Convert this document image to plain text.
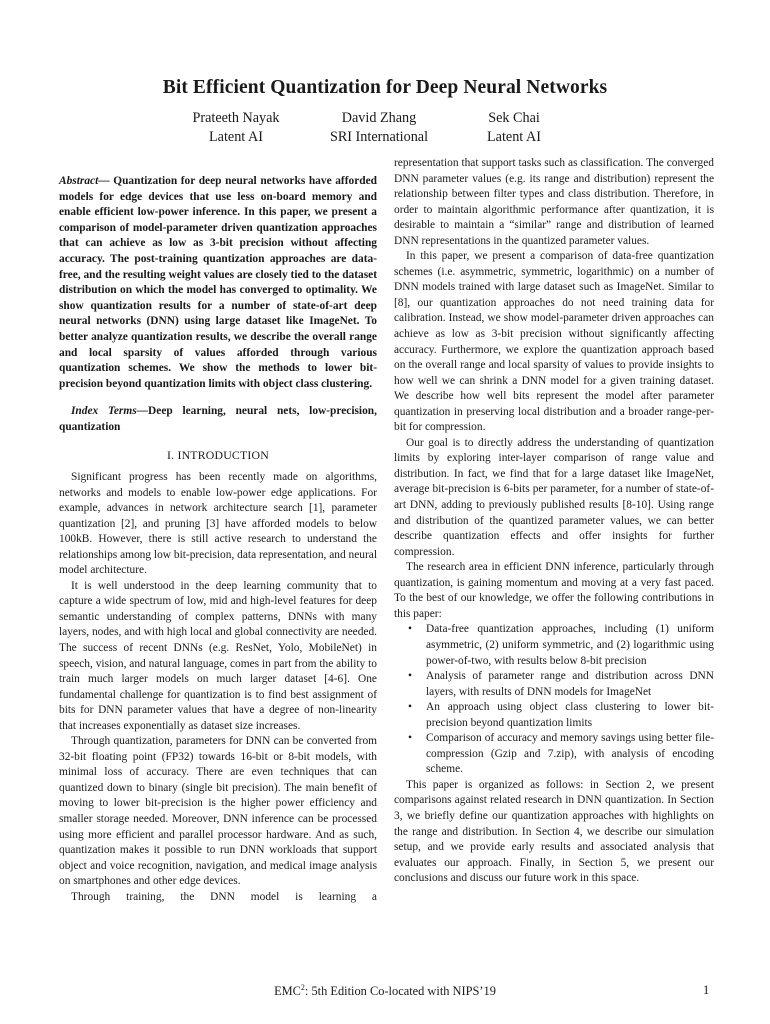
Bit Efficient Quantization for Deep Neural Networks
Prateeth Nayak
Latent AI
David Zhang
SRI International
Sek Chai
Latent AI

Abstract— Quantization for deep neural networks have afforded models for edge devices that use less on-board memory and enable efficient low-power inference. In this paper, we present a comparison of model-parameter driven quantization approaches that can achieve as low as 3-bit precision without affecting accuracy. The post-training quantization approaches are data-free, and the resulting weight values are closely tied to the dataset distribution on which the model has converged to optimality. We show quantization results for a number of state-of-art deep neural networks (DNN) using large dataset like ImageNet. To better analyze quantization results, we describe the overall range and local sparsity of values afforded through various quantization schemes. We show the methods to lower bit-precision beyond quantization limits with object class clustering.

Index Terms—Deep learning, neural nets, low-precision, quantization

I. INTRODUCTION

Significant progress has been recently made on algorithms, networks and models to enable low-power edge applications. For example, advances in network architecture search [1], parameter quantization [2], and pruning [3] have afforded models to below 100kB. However, there is still active research to understand the relationships among low bit-precision, data representation, and neural model architecture.

It is well understood in the deep learning community that to capture a wide spectrum of low, mid and high-level features for deep semantic understanding of complex patterns, DNNs with many layers, nodes, and with high local and global connectivity are needed. The success of recent DNNs (e.g. ResNet, Yolo, MobileNet) in speech, vision, and natural language, comes in part from the ability to train much larger models on much larger dataset [4-6]. One fundamental challenge for quantization is to find best assignment of bits for DNN parameter values that have a degree of non-linearity that increases exponentially as dataset size increases.

Through quantization, parameters for DNN can be converted from 32-bit floating point (FP32) towards 16-bit or 8-bit models, with minimal loss of accuracy. There are even techniques that can quantized down to binary (single bit precision). The main benefit of moving to lower bit-precision is the higher power efficiency and smaller storage needed. Moreover, DNN inference can be processed using more efficient and parallel processor hardware. And as such, quantization makes it possible to run DNN workloads that support object and voice recognition, navigation, and medical image analysis on smartphones and other edge devices.

Through training, the DNN model is learning a

representation that support tasks such as classification. The converged DNN parameter values (e.g. its range and distribution) represent the relationship between filter types and class distribution. Therefore, in order to maintain algorithmic performance after quantization, it is desirable to maintain a “similar” range and distribution of learned DNN representations in the quantized parameter values.

In this paper, we present a comparison of data-free quantization schemes (i.e. asymmetric, symmetric, logarithmic) on a number of DNN models trained with large dataset such as ImageNet. Similar to [8], our quantization approaches do not need training data for calibration. Instead, we show model-parameter driven approaches can achieve as low as 3-bit precision without significantly affecting accuracy. Furthermore, we explore the quantization approach based on the overall range and local sparsity of values to provide insights to how well we can shrink a DNN model for a given training dataset. We describe how well bits represent the model after parameter quantization in preserving local distribution and a broader range-per-bit for compression.

Our goal is to directly address the understanding of quantization limits by exploring inter-layer comparison of range value and distribution. In fact, we find that for a large dataset like ImageNet, average bit-precision is 6-bits per parameter, for a number of state-of-art DNN, adding to previously published results [8-10]. Using range and distribution of the quantized parameter values, we can better describe quantization effects and offer insights for further compression.

The research area in efficient DNN inference, particularly through quantization, is gaining momentum and moving at a very fast paced. To the best of our knowledge, we offer the following contributions in this paper:

• Data-free quantization approaches, including (1) uniform asymmetric, (2) uniform symmetric, and (2) logarithmic using power-of-two, with results below 8-bit precision
• Analysis of parameter range and distribution across DNN layers, with results of DNN models for ImageNet
• An approach using object class clustering to lower bit-precision beyond quantization limits
• Comparison of accuracy and memory savings using better file-compression (Gzip and 7.zip), with analysis of encoding scheme.

This paper is organized as follows: in Section 2, we present comparisons against related research in DNN quantization. In Section 3, we briefly define our quantization approaches with highlights on the range and distribution. In Section 4, we describe our simulation setup, and we provide early results and associated analysis that evaluates our approach. Finally, in Section 5, we present our conclusions and discuss our future work in this space.

EMC$^2$: 5th Edition Co-located with NIPS’19	1
